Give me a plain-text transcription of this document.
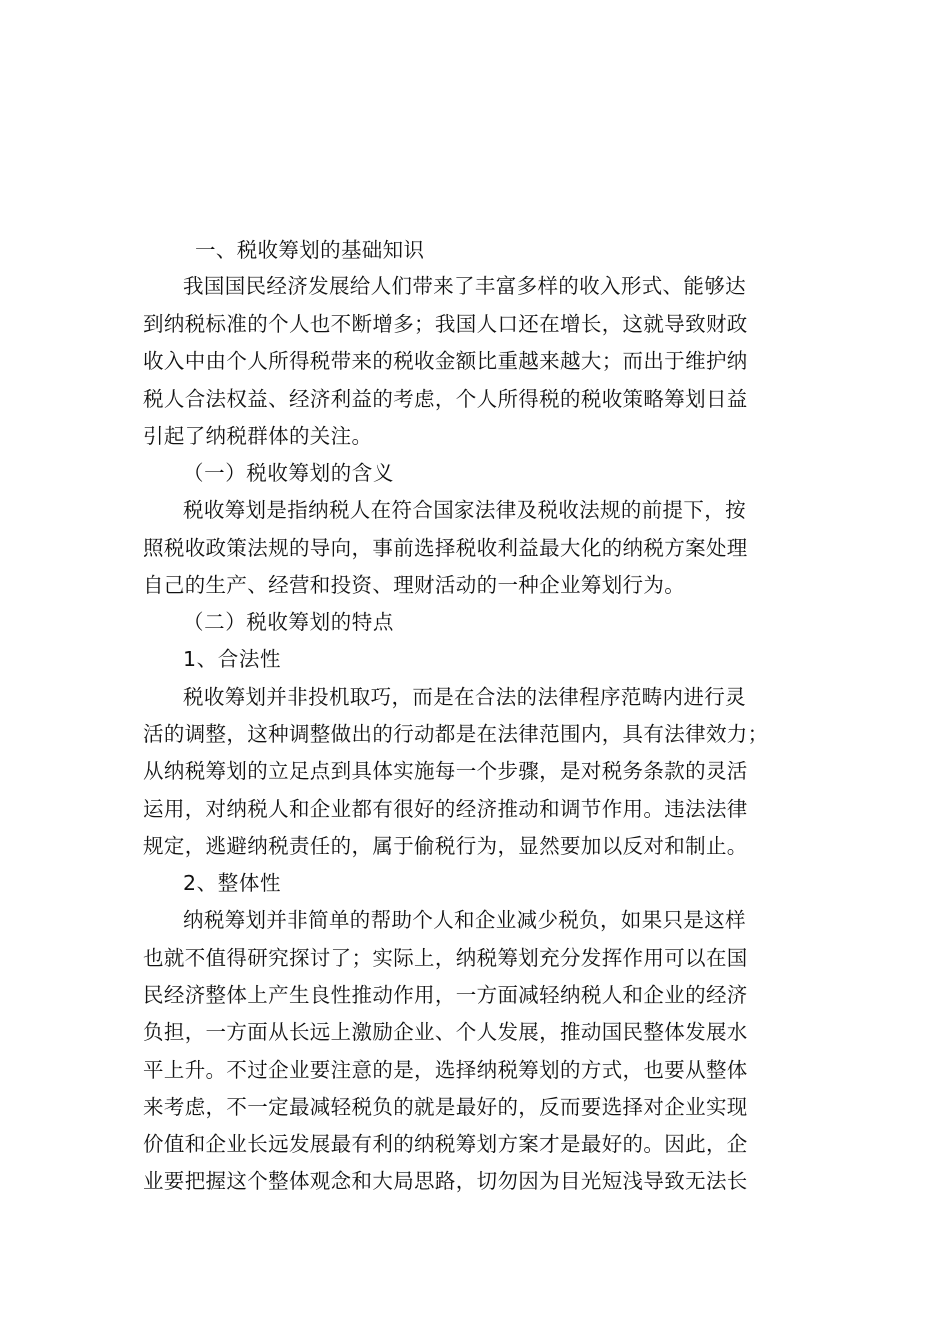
一、税收筹划的基础知识
我国国民经济发展给人们带来了丰富多样的收入形式、能够达
到纳税标准的个人也不断增多；我国人口还在增长，这就导致财政
收入中由个人所得税带来的税收金额比重越来越大；而出于维护纳
税人合法权益、经济利益的考虑，个人所得税的税收策略筹划日益
引起了纳税群体的关注。
（一）税收筹划的含义
税收筹划是指纳税人在符合国家法律及税收法规的前提下，按
照税收政策法规的导向，事前选择税收利益最大化的纳税方案处理
自己的生产、经营和投资、理财活动的一种企业筹划行为。
（二）税收筹划的特点
1、合法性
税收筹划并非投机取巧，而是在合法的法律程序范畴内进行灵
活的调整，这种调整做出的行动都是在法律范围内，具有法律效力；
从纳税筹划的立足点到具体实施每一个步骤，是对税务条款的灵活
运用，对纳税人和企业都有很好的经济推动和调节作用。违法法律
规定，逃避纳税责任的，属于偷税行为，显然要加以反对和制止。
2、整体性
纳税筹划并非简单的帮助个人和企业减少税负，如果只是这样
也就不值得研究探讨了；实际上，纳税筹划充分发挥作用可以在国
民经济整体上产生良性推动作用，一方面减轻纳税人和企业的经济
负担，一方面从长远上激励企业、个人发展，推动国民整体发展水
平上升。不过企业要注意的是，选择纳税筹划的方式，也要从整体
来考虑，不一定最减轻税负的就是最好的，反而要选择对企业实现
价值和企业长远发展最有利的纳税筹划方案才是最好的。因此，企
业要把握这个整体观念和大局思路，切勿因为目光短浅导致无法长
